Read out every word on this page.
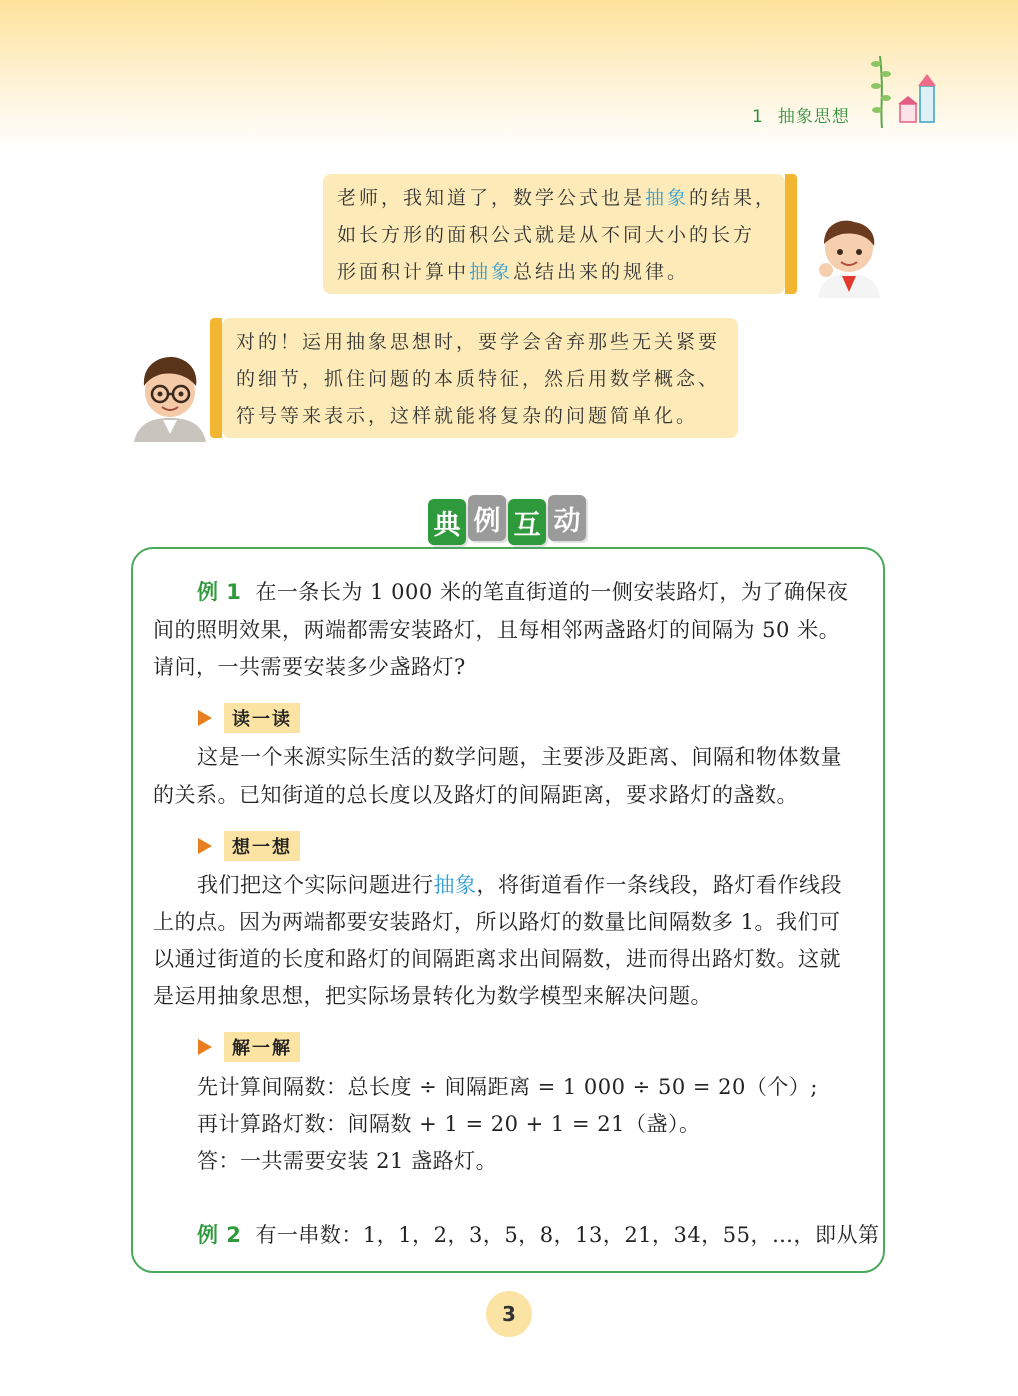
1 抽象思想
老师，我知道了，数学公式也是抽象的结果，
如长方形的面积公式就是从不同大小的长方
形面积计算中抽象总结出来的规律。
对的！运用抽象思想时，要学会舍弃那些无关紧要
的细节，抓住问题的本质特征，然后用数学概念、
符号等来表示，这样就能将复杂的问题简单化。
典 例 互 动
例 1 在一条长为 1 000 米的笔直街道的一侧安装路灯，为了确保夜
间的照明效果，两端都需安装路灯，且每相邻两盏路灯的间隔为 50 米。
请问，一共需要安装多少盏路灯?
读一读
这是一个来源实际生活的数学问题，主要涉及距离、间隔和物体数量
的关系。已知街道的总长度以及路灯的间隔距离，要求路灯的盏数。
想一想
我们把这个实际问题进行抽象，将街道看作一条线段，路灯看作线段
上的点。因为两端都要安装路灯，所以路灯的数量比间隔数多 1。我们可
以通过街道的长度和路灯的间隔距离求出间隔数，进而得出路灯数。这就
是运用抽象思想，把实际场景转化为数学模型来解决问题。
解一解
先计算间隔数：总长度 ÷ 间隔距离 = 1 000 ÷ 50 = 20（个）;
再计算路灯数：间隔数 + 1 = 20 + 1 = 21（盏）。
答：一共需要安装 21 盏路灯。
例 2 有一串数：1，1，2，3，5，8，13，21，34，55，…，即从第
3
